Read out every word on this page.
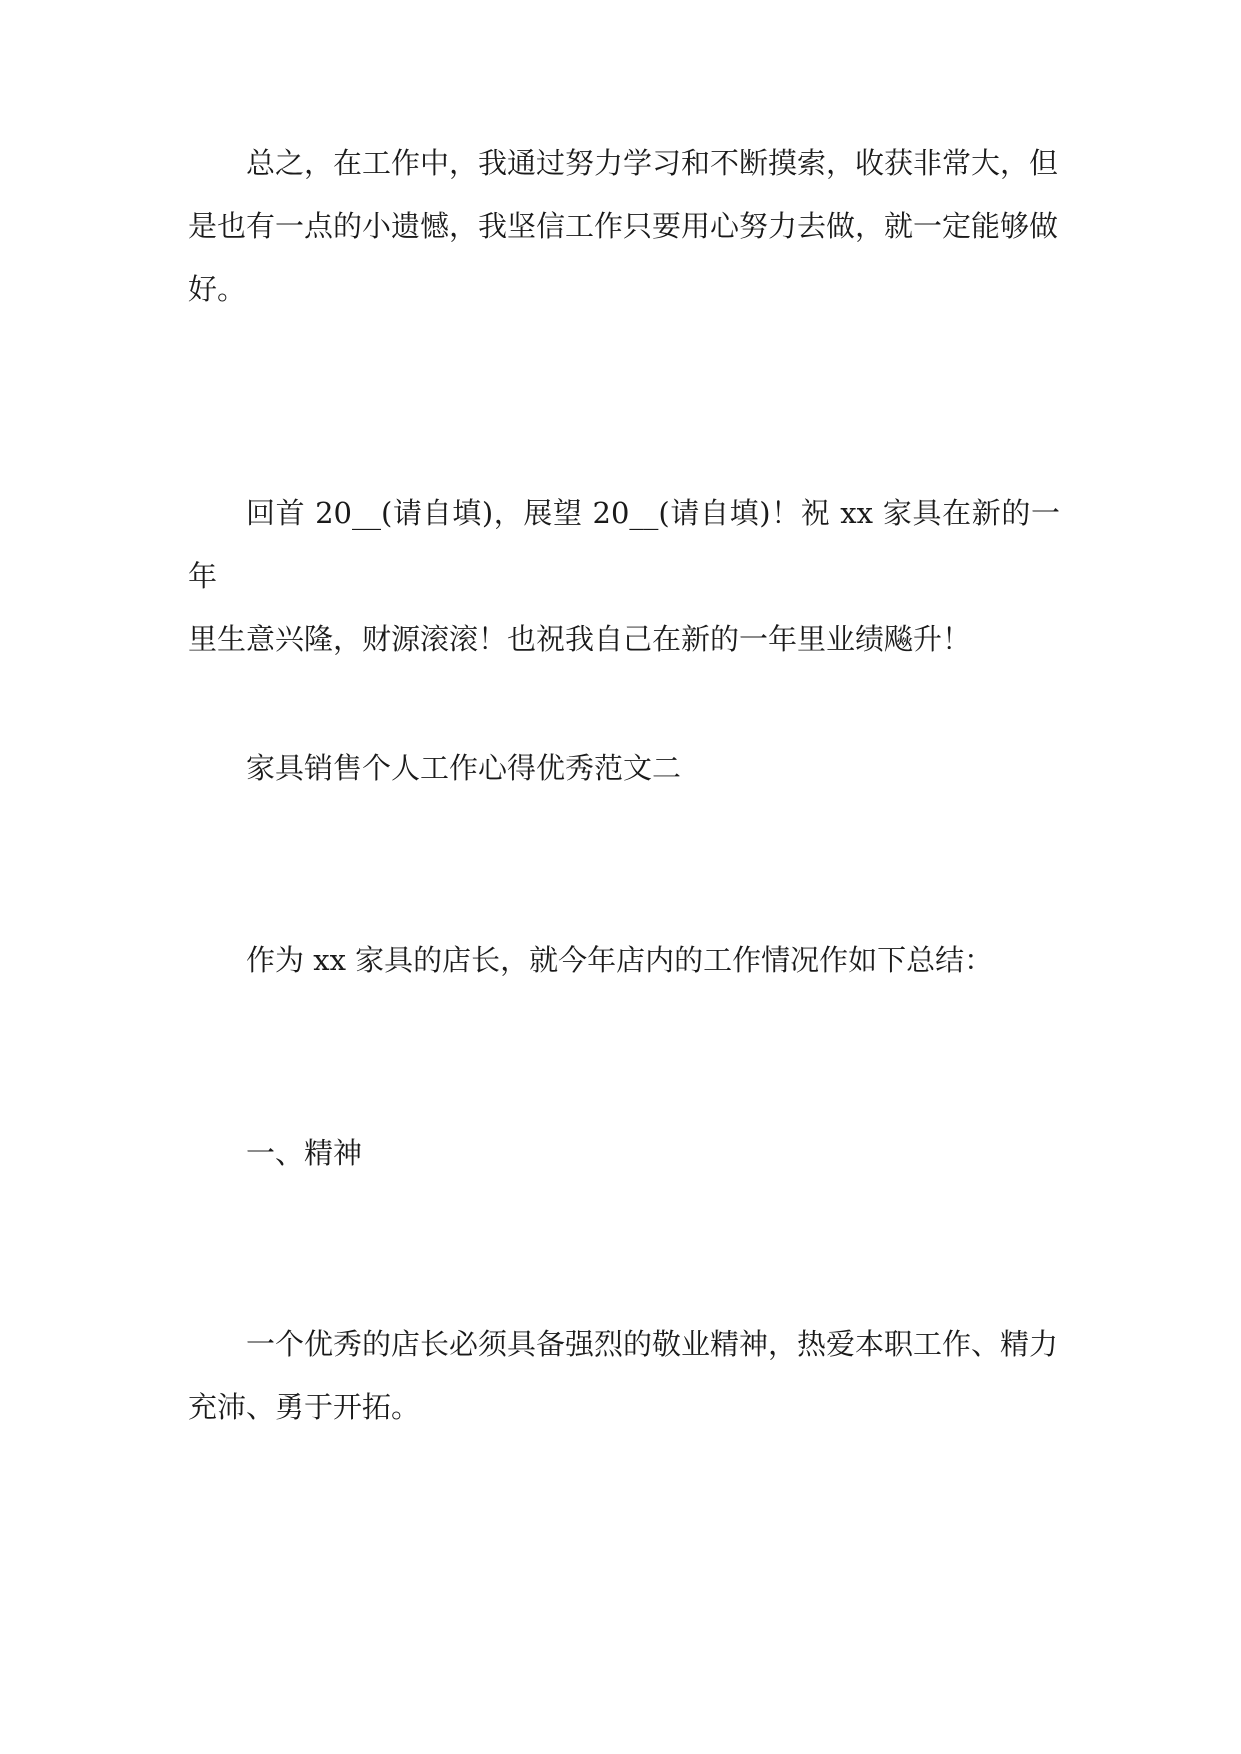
总之，在工作中，我通过努力学习和不断摸索，收获非常大，但
是也有一点的小遗憾，我坚信工作只要用心努力去做，就一定能够做
好。
回首 20__(请自填)，展望 20__(请自填)！祝 xx 家具在新的一年
里生意兴隆，财源滚滚！也祝我自己在新的一年里业绩飚升！
家具销售个人工作心得优秀范文二
作为 xx 家具的店长，就今年店内的工作情况作如下总结：
一、精神
一个优秀的店长必须具备强烈的敬业精神，热爱本职工作、精力
充沛、勇于开拓。
